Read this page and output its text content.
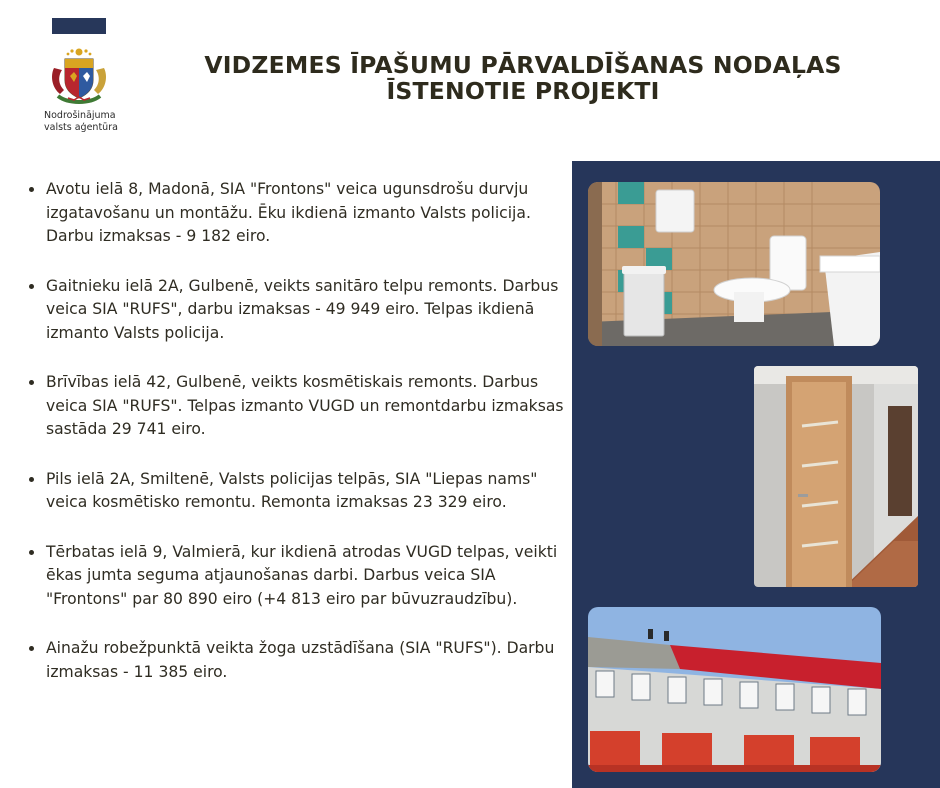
Nodrošinājuma
valsts aģentūra
VIDZEMES ĪPAŠUMU PĀRVALDĪŠANAS NODAĻAS
ĪSTENOTIE PROJEKTI
Avotu ielā 8, Madonā, SIA "Frontons" veica ugunsdrošu durvju izgatavošanu un montāžu. Ēku ikdienā izmanto Valsts policija. Darbu izmaksas - 9 182 eiro.
Gaitnieku ielā 2A, Gulbenē, veikts sanitāro telpu remonts. Darbus veica SIA "RUFS", darbu izmaksas - 49 949 eiro. Telpas ikdienā izmanto Valsts policija.
Brīvības ielā 42, Gulbenē, veikts kosmētiskais remonts. Darbus veica SIA "RUFS". Telpas izmanto VUGD un remontdarbu izmaksas sastāda 29 741 eiro.
Pils ielā 2A, Smiltenē, Valsts policijas telpās, SIA "Liepas nams" veica kosmētisko remontu. Remonta izmaksas 23 329 eiro.
Tērbatas ielā 9, Valmierā, kur ikdienā atrodas VUGD telpas, veikti ēkas jumta seguma atjaunošanas darbi. Darbus veica SIA "Frontons" par 80 890 eiro (+4 813 eiro par būvuzraudzību).
Ainažu robežpunktā veikta žoga uzstādīšana (SIA "RUFS"). Darbu izmaksas - 11 385 eiro.
